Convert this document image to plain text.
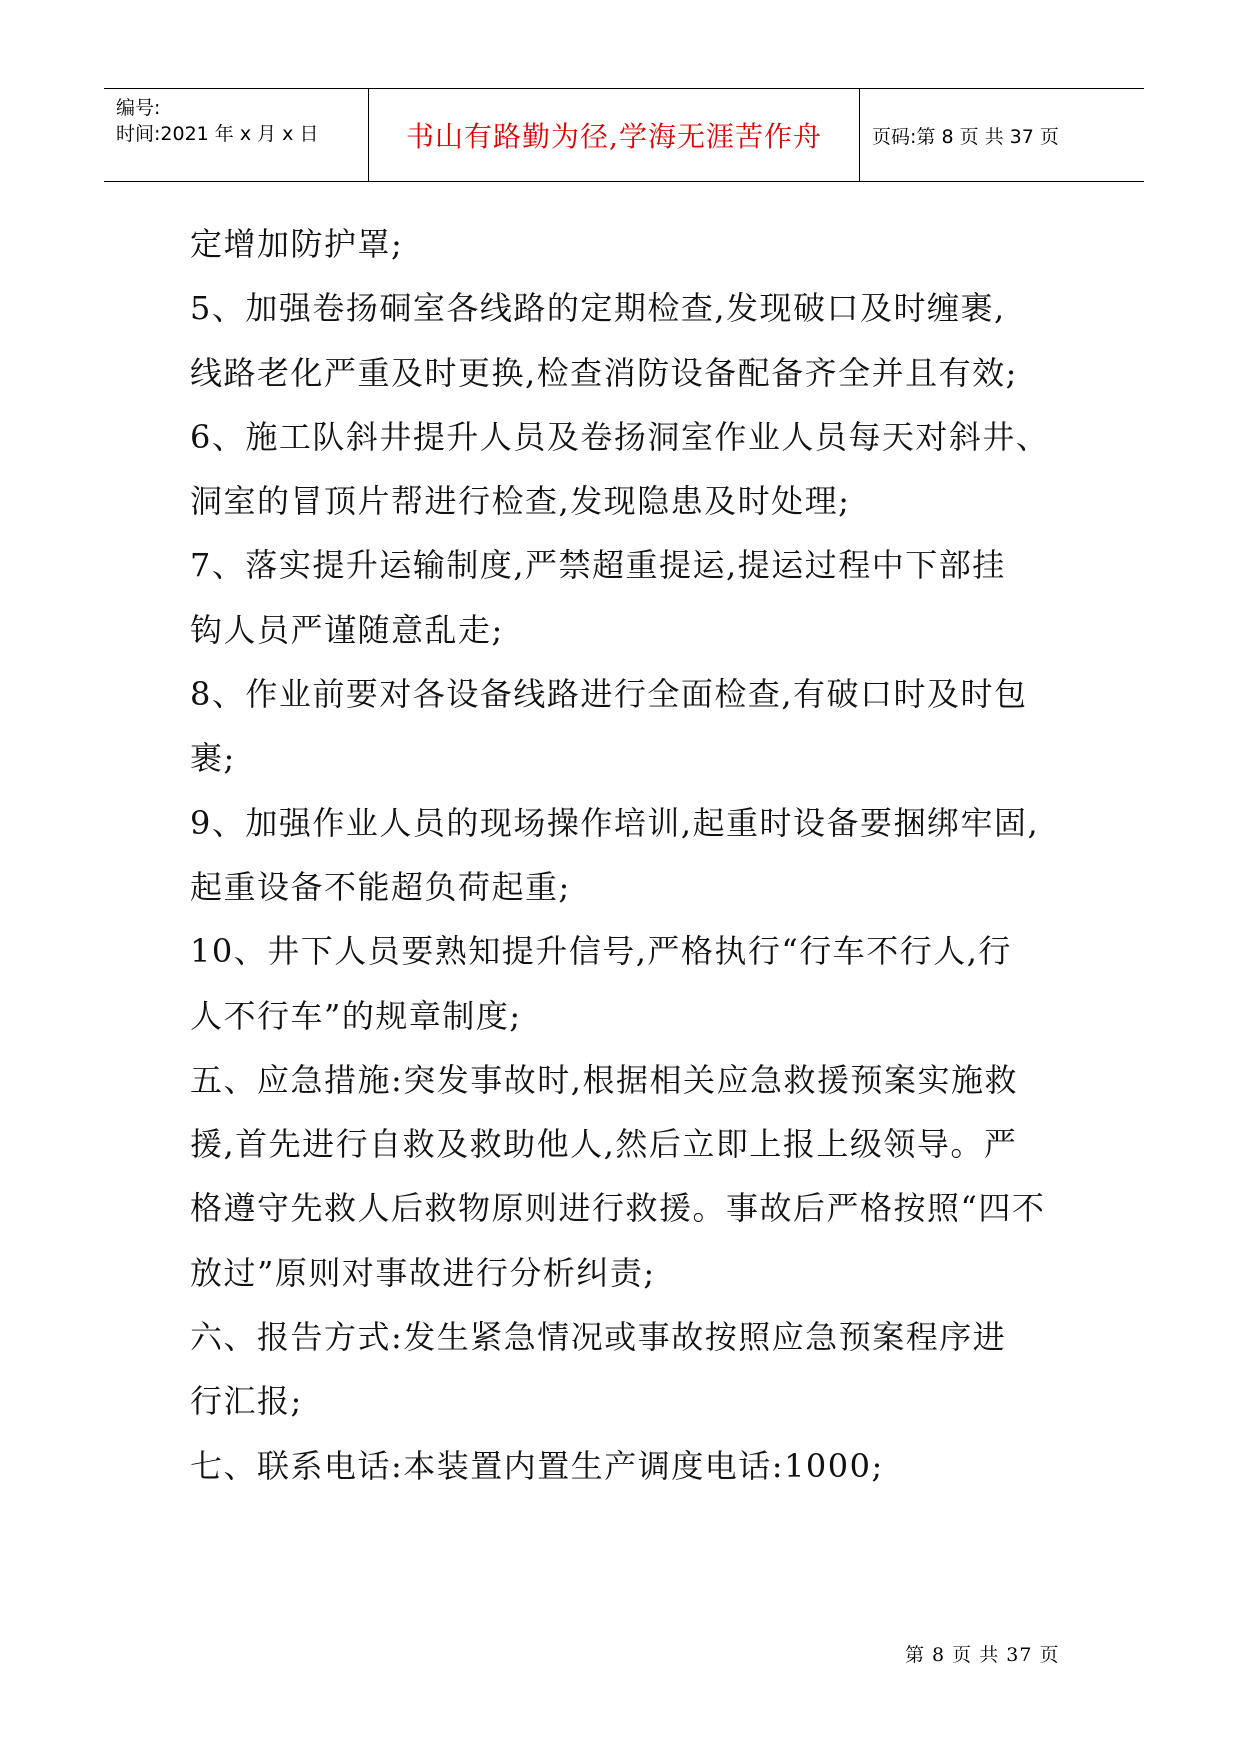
编号:
时间:2021 年 x 月 x 日	书山有路勤为径,学海无涯苦作舟	页码:第 8 页 共 37 页
定增加防护罩;
5、加强卷扬硐室各线路的定期检查,发现破口及时缠裹,
线路老化严重及时更换,检查消防设备配备齐全并且有效;
6、施工队斜井提升人员及卷扬洞室作业人员每天对斜井、
洞室的冒顶片帮进行检查,发现隐患及时处理;
7、落实提升运输制度,严禁超重提运,提运过程中下部挂
钩人员严谨随意乱走;
8、作业前要对各设备线路进行全面检查,有破口时及时包
裹;
9、加强作业人员的现场操作培训,起重时设备要捆绑牢固,
起重设备不能超负荷起重;
10、井下人员要熟知提升信号,严格执行“行车不行人,行
人不行车”的规章制度;
五、应急措施:突发事故时,根据相关应急救援预案实施救
援,首先进行自救及救助他人,然后立即上报上级领导。严
格遵守先救人后救物原则进行救援。事故后严格按照“四不
放过”原则对事故进行分析纠责;
六、报告方式:发生紧急情况或事故按照应急预案程序进
行汇报;
七、联系电话:本装置内置生产调度电话:1000;
第 8 页 共 37 页
